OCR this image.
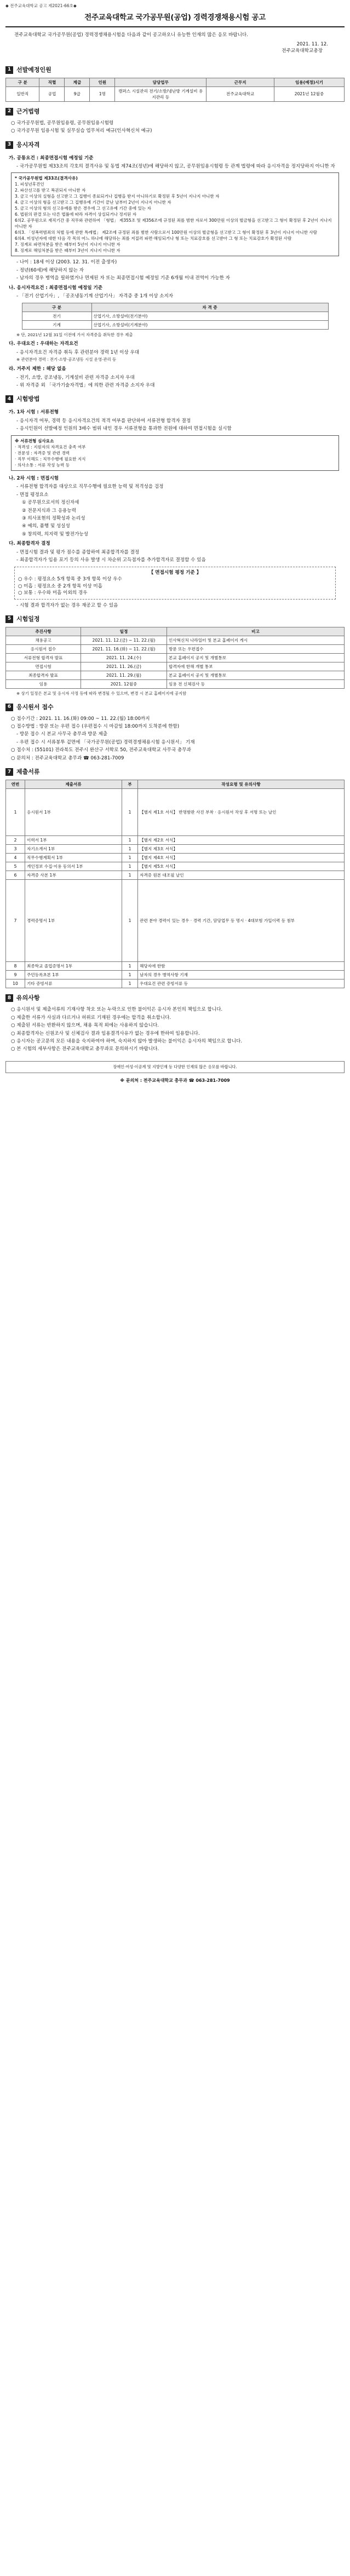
◆ 전주교육대학교 공고 제2021-66호◆
전주교육대학교 국가공무원(공업) 경력경쟁채용시험 공고
전주교육대학교 국가공무원(공업) 경력경쟁채용시험을 다음과 같이 공고하오니 유능한 인재의 많은 응모 바랍니다.
2021. 11. 12.
전주교육대학교총장
1 선발예정인원
구 분	직렬	계급	인원	담당업무	근무지	임용(예정)시기
일반직	공업	9급	1명	캠퍼스 시설관리 전기/소방/냉난방 기계설비 유지관리 등	전주교육대학교	2021년 12월중
2 근거법령
○ 국가공무원법, 공무원임용령, 공무원임용시험령
○ 국가공무원 임용시험 및 실무실습 업무처리 예규(인사혁신처 예규)
3 응시자격
가. 공통요건 : 최종면접시험 예정일 기준
- 국가공무원법 제33조의 각호의 결격사유 및 동법 제74조(정년)에 해당하지 않고, 공무원임용시험령 등 관계 법령에 따라 응시자격을 정지당하지 아니한 자
* 국가공무원법 제33조(결격사유)
1. 피성년후견인
2. 파산선고를 받고 복권되지 아니한 자
3. 금고 이상의 실형을 선고받고 그 집행이 종료되거나 집행을 받지 아니하기로 확정된 후 5년이 지나지 아니한 자
4. 금고 이상의 형을 선고받고 그 집행유예 기간이 끝난 날부터 2년이 지나지 아니한 자
5. 금고 이상의 형의 선고유예를 받은 경우에 그 선고유예 기간 중에 있는 자
6. 법원의 판결 또는 다른 법률에 따라 자격이 상실되거나 정지된 자
6의2. 공무원으로 재직기간 중 직무와 관련하여 「형법」 제355조 및 제356조에 규정된 죄를 범한 자로서 300만원 이상의 벌금형을 선고받고 그 형이 확정된 후 2년이 지나지 아니한 자
6의3. 「성폭력범죄의 처벌 등에 관한 특례법」 제2조에 규정된 죄를 범한 사람으로서 100만원 이상의 벌금형을 선고받고 그 형이 확정된 후 3년이 지나지 아니한 사람
6의4. 미성년자에 대한 다음 각 목의 어느 하나에 해당하는 죄를 저질러 파면·해임되거나 형 또는 치료감호를 선고받아 그 형 또는 치료감호가 확정된 사람
7. 징계로 파면처분을 받은 때부터 5년이 지나지 아니한 자
8. 징계로 해임처분을 받은 때부터 3년이 지나지 아니한 자
- 나이 : 18세 이상 (2003. 12. 31. 이전 출생자)
- 정년(60세)에 해당하지 않는 자
- 남자의 경우 병역을 필하였거나 면제된 자 또는 최종면접시험 예정일 기준 6개월 이내 전역이 가능한 자
나. 응시자격요건 : 최종면접시험 예정일 기준
- 「전기 산업기사」, 「공조냉동기계 산업기사」 자격증 중 1개 이상 소지자
구 분	자 격 증
전기	산업기사, 소방설비(전기분야)
기계	산업기사, 소방설비(기계분야)
※ 단, 2021년 12월 31일 이전에 가서 자격증을 취득한 경우 제출
다. 우대요건 : 우대하는 자격요건
- 응시자격요건 자격증 취득 후 관련분야 경력 1년 이상 우대
※ 관련분야 경력 : 전기·소방·공조냉동 시설 운영·관리 등
라. 거주지 제한 : 해당 없음
- 전기, 소방, 공조냉동, 기계설비 관련 자격증 소지자 우대
- 위 자격증 외 「국가기술자격법」에 의한 관련 자격증 소지자 우대
4 시험방법
가. 1차 시험 : 서류전형
- 응시자격 여부, 경력 등 응시자격요건의 적격 여부를 판단하여 서류전형 합격자 결정
- 응시인원이 선발예정 인원의 3배수 범위 내인 경우 서류전형을 통과한 전원에 대하여 면접시험을 실시함
※ 서류전형 심사요소
· 적격성 : 지원자의 자격요건 충족 여부
· 전문성 : 자격증 및 관련 경력
· 직무 이해도 : 직무수행에 필요한 지식
· 의사소통 : 서류 작성 능력 등
나. 2차 시험 : 면접시험
- 서류전형 합격자를 대상으로 직무수행에 필요한 능력 및 적격성을 검정
- 면접 평정요소
① 공무원으로서의 정신자세
② 전문지식과 그 응용능력
③ 의사표현의 정확성과 논리성
④ 예의, 품행 및 성실성
⑤ 창의력, 의지력 및 발전가능성
다. 최종합격자 결정
- 면접시험 결과 및 평가 점수를 종합하여 최종합격자를 결정
- 최종합격자가 임용 포기 등의 사유 발생 시 차순위 고득점자를 추가합격자로 결정할 수 있음
【 면접시험 평정 기준 】
○ 우수 : 평정요소 5개 항목 중 3개 항목 이상 우수
○ 미흡 : 평정요소 중 2개 항목 이상 미흡
○ 보통 : 우수와 미흡 이외의 경우
- 시험 결과 합격자가 없는 경우 재공고 할 수 있음
5 시험일정
추진사항	일정	비고
채용공고	2021. 11. 12.(금) ~ 11. 22.(월)	인사혁신처 나라일터 및 본교 홈페이지 게시
응시원서 접수	2021. 11. 16.(화) ~ 11. 22.(월)	방문 또는 우편접수
서류전형 합격자 발표	2021. 11. 24.(수)	본교 홈페이지 공지 및 개별통보
면접시험	2021. 11. 26.(금)	합격자에 한해 개별 통보
최종합격자 발표	2021. 11. 29.(월)	본교 홈페이지 공지 및 개별통보
임용	2021. 12월중	임용 전 신체검사 등
※ 상기 일정은 본교 및 응시자 사정 등에 따라 변경될 수 있으며, 변경 시 본교 홈페이지에 공지함
6 응시원서 접수
○ 접수기간 : 2021. 11. 16.(화) 09:00 ~ 11. 22.(월) 18:00까지
○ 접수방법 : 방문 또는 우편 접수 (우편접수 시 마감일 18:00까지 도착분에 한함)
- 방문 접수 시 본교 사무국 총무과 방문 제출
- 우편 접수 시 서류봉투 겉면에 「국가공무원(공업) 경력경쟁채용시험 응시원서」 기재
○ 접수처 : (55101) 전라북도 전주시 완산구 서학로 50, 전주교육대학교 사무국 총무과
○ 문의처 : 전주교육대학교 총무과 ☎ 063-281-7009
7 제출서류
연번	제출서류	부	작성요령 및 유의사항
1	응시원서 1부	1	【별지 제1호 서식】 반명함판 사진 부착 · 응시원서 작성 후 서명 또는 날인
2	이력서 1부	1	【별지 제2호 서식】
3	자기소개서 1부	1	【별지 제3호 서식】
4	직무수행계획서 1부	1	【별지 제4호 서식】
5	개인정보 수집·이용 동의서 1부	1	【별지 제5호 서식】
6	자격증 사본 1부	1	자격증 원본 대조필 날인
7	경력증명서 1부	1	관련 분야 경력이 있는 경우 · 경력 기간, 담당업무 등 명시 · 4대보험 가입이력 등 첨부
8	최종학교 졸업증명서 1부	1	해당자에 한함
9	주민등록초본 1부	1	남자의 경우 병역사항 기재
10	기타 증빙서류	1	우대요건 관련 증빙서류 등
8 유의사항
○ 응시원서 및 제출서류의 기재사항 착오 또는 누락으로 인한 불이익은 응시자 본인의 책임으로 합니다.
○ 제출한 서류가 사실과 다르거나 허위로 기재된 경우에는 합격을 취소합니다.
○ 제출된 서류는 반환하지 않으며, 채용 목적 외에는 사용하지 않습니다.
○ 최종합격자는 신원조사 및 신체검사 결과 임용결격사유가 없는 경우에 한하여 임용합니다.
○ 응시자는 공고문의 모든 내용을 숙지하여야 하며, 숙지하지 않아 발생하는 불이익은 응시자의 책임으로 합니다.
○ 본 시험의 세부사항은 전주교육대학교 총무과로 문의하시기 바랍니다.
장애인·여성·이공계 및 지방인재 등 다양한 인재의 많은 응모를 바랍니다.
※ 문의처 : 전주교육대학교 총무과 ☎ 063-281-7009
